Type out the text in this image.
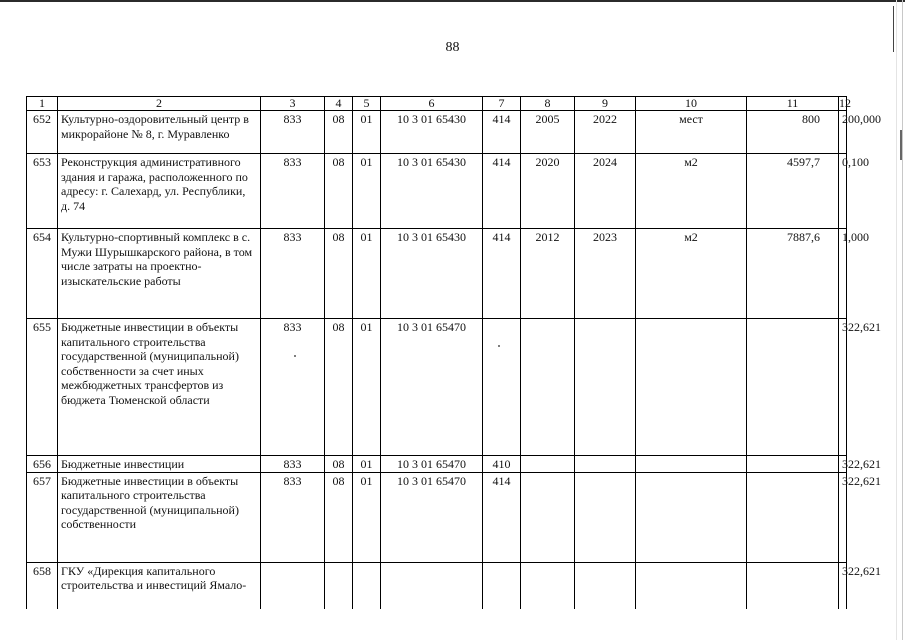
88
1	2	3	4	5	6	7	8	9	10	11	12
652	Культурно-оздоровительный центр в микрорайоне № 8, г. Муравленко	833	08	01	10 3 01 65430	414	2005	2022	мест	800	200,000
653	Реконструкция административного здания и гаража, расположенного по адресу: г. Салехард, ул. Республики, д. 74	833	08	01	10 3 01 65430	414	2020	2024	м2	4597,7	0,100
654	Культурно-спортивный комплекс в с. Мужи Шурышкарского района, в том числе затраты на проектно-изыскательские работы	833	08	01	10 3 01 65430	414	2012	2023	м2	7887,6	1,000
655	Бюджетные инвестиции в объекты капитального строительства государственной (муниципальной) собственности за счет иных межбюджетных трансфертов из бюджета Тюменской области	833	08	01	10 3 01 65470						322,621
656	Бюджетные инвестиции	833	08	01	10 3 01 65470	410					322,621
657	Бюджетные инвестиции в объекты капитального строительства государственной (муниципальной) собственности	833	08	01	10 3 01 65470	414					322,621
658	ГКУ «Дирекция капитального строительства и инвестиций Ямало-										322,621
